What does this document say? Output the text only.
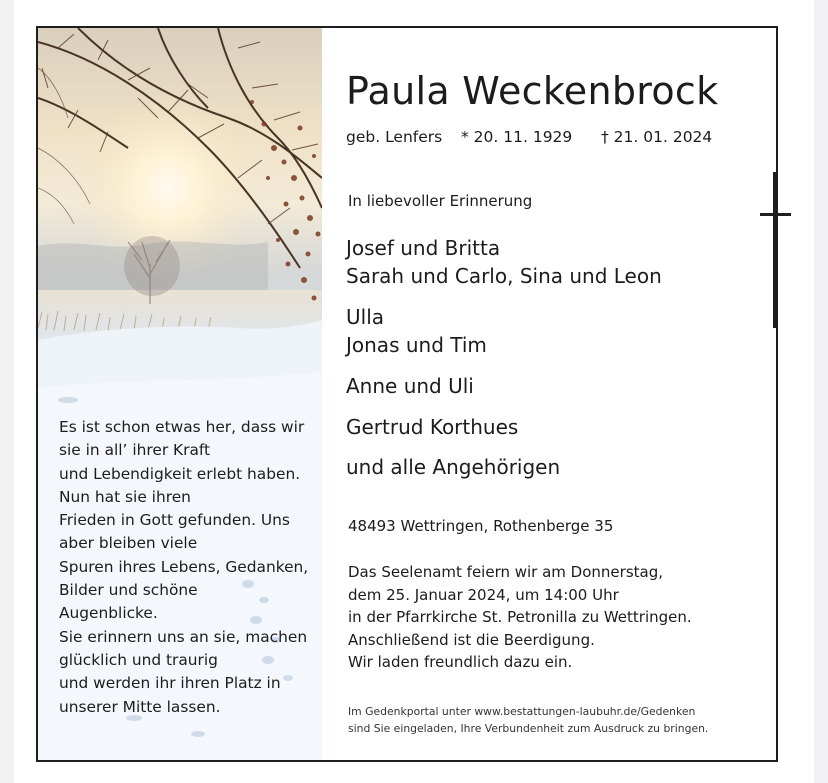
Es ist schon etwas her, dass wir
sie in all’ ihrer Kraft
und Lebendigkeit erlebt haben.
Nun hat sie ihren
Frieden in Gott gefunden. Uns
aber bleiben viele
Spuren ihres Lebens, Gedanken,
Bilder und schöne
Augenblicke.
Sie erinnern uns an sie, machen
glücklich und traurig
und werden ihr ihren Platz in
unserer Mitte lassen.
Paula Weckenbrock
geb. Lenfers * 20. 11. 1929 † 21. 01. 2024
In liebevoller Erinnerung
Josef und Britta
Sarah und Carlo, Sina und Leon
Ulla
Jonas und Tim
Anne und Uli
Gertrud Korthues
und alle Angehörigen
48493 Wettringen, Rothenberge 35
Das Seelenamt feiern wir am Donnerstag,
dem 25. Januar 2024, um 14:00 Uhr
in der Pfarrkirche St. Petronilla zu Wettringen.
Anschließend ist die Beerdigung.
Wir laden freundlich dazu ein.
Im Gedenkportal unter www.bestattungen-laubuhr.de/Gedenken
sind Sie eingeladen, Ihre Verbundenheit zum Ausdruck zu bringen.
